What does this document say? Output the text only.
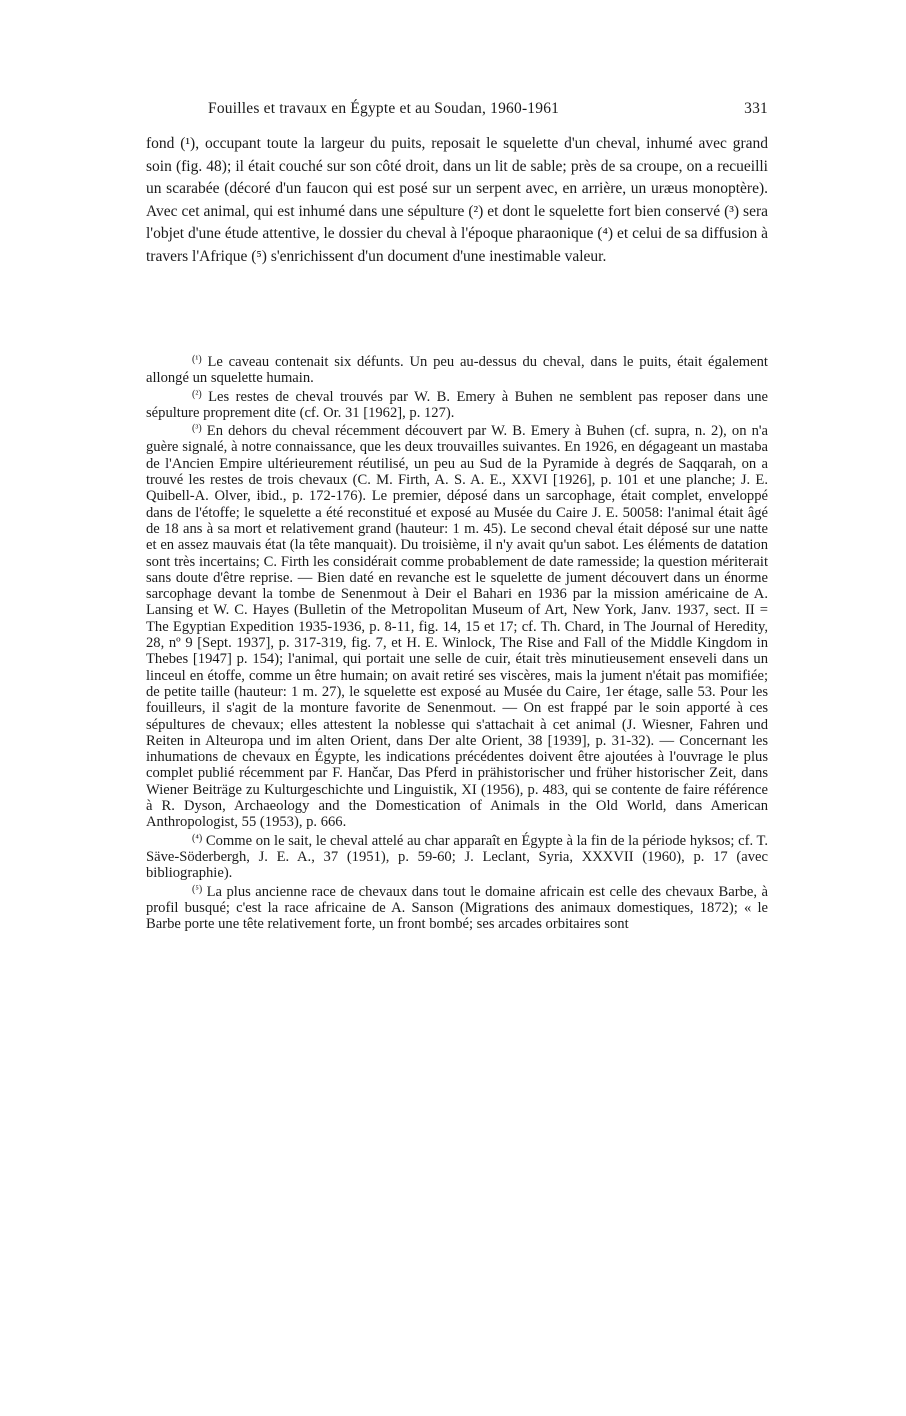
Fouilles et travaux en Égypte et au Soudan, 1960-1961	331

fond (¹), occupant toute la largeur du puits, reposait le squelette d'un cheval, inhumé avec grand soin (fig. 48); il était couché sur son côté droit, dans un lit de sable; près de sa croupe, on a recueilli un scarabée (décoré d'un faucon qui est posé sur un serpent avec, en arrière, un uræus monoptère). Avec cet animal, qui est inhumé dans une sépulture (²) et dont le squelette fort bien conservé (³) sera l'objet d'une étude attentive, le dossier du cheval à l'époque pharaonique (⁴) et celui de sa diffusion à travers l'Afrique (⁵) s'enrichissent d'un document d'une inestimable valeur.

$^{(^1)}$ Le caveau contenait six défunts. Un peu au-dessus du cheval, dans le puits, était également allongé un squelette humain.

$^{(^2)}$ Les restes de cheval trouvés par W. B. Emery à Buhen ne semblent pas reposer dans une sépulture proprement dite (cf. Or. 31 [1962], p. 127).

$^{(^3)}$ En dehors du cheval récemment découvert par W. B. Emery à Buhen (cf. supra, n. 2), on n'a guère signalé, à notre connaissance, que les deux trouvailles suivantes. En 1926, en dégageant un mastaba de l'Ancien Empire ultérieurement réutilisé, un peu au Sud de la Pyramide à degrés de Saqqarah, on a trouvé les restes de trois chevaux (C. M. Firth, A. S. A. E., XXVI [1926], p. 101 et une planche; J. E. Quibell-A. Olver, ibid., p. 172-176). Le premier, déposé dans un sarcophage, était complet, enveloppé dans de l'étoffe; le squelette a été reconstitué et exposé au Musée du Caire J. E. 50058: l'animal était âgé de 18 ans à sa mort et relativement grand (hauteur: 1 m. 45). Le second cheval était déposé sur une natte et en assez mauvais état (la tête manquait). Du troisième, il n'y avait qu'un sabot. Les éléments de datation sont très incertains; C. Firth les considérait comme probablement de date ramesside; la question mériterait sans doute d'être reprise. — Bien daté en revanche est le squelette de jument découvert dans un énorme sarcophage devant la tombe de Senenmout à Deir el Bahari en 1936 par la mission américaine de A. Lansing et W. C. Hayes (Bulletin of the Metropolitan Museum of Art, New York, Janv. 1937, sect. II = The Egyptian Expedition 1935-1936, p. 8-11, fig. 14, 15 et 17; cf. Th. Chard, in The Journal of Heredity, 28, nº 9 [Sept. 1937], p. 317-319, fig. 7, et H. E. Winlock, The Rise and Fall of the Middle Kingdom in Thebes [1947] p. 154); l'animal, qui portait une selle de cuir, était très minutieusement enseveli dans un linceul en étoffe, comme un être humain; on avait retiré ses viscères, mais la jument n'était pas momifiée; de petite taille (hauteur: 1 m. 27), le squelette est exposé au Musée du Caire, 1er étage, salle 53. Pour les fouilleurs, il s'agit de la monture favorite de Senenmout. — On est frappé par le soin apporté à ces sépultures de chevaux; elles attestent la noblesse qui s'attachait à cet animal (J. Wiesner, Fahren und Reiten in Alteuropa und im alten Orient, dans Der alte Orient, 38 [1939], p. 31-32). — Concernant les inhumations de chevaux en Égypte, les indications précédentes doivent être ajoutées à l'ouvrage le plus complet publié récemment par F. Hančar, Das Pferd in prähistorischer und früher historischer Zeit, dans Wiener Beiträge zu Kulturgeschichte und Linguistik, XI (1956), p. 483, qui se contente de faire référence à R. Dyson, Archaeology and the Domestication of Animals in the Old World, dans American Anthropologist, 55 (1953), p. 666.

$^{(^4)}$ Comme on le sait, le cheval attelé au char apparaît en Égypte à la fin de la période hyksos; cf. T. Säve-Söderbergh, J. E. A., 37 (1951), p. 59-60; J. Leclant, Syria, XXXVII (1960), p. 17 (avec bibliographie).

$^{(^5)}$ La plus ancienne race de chevaux dans tout le domaine africain est celle des chevaux Barbe, à profil busqué; c'est la race africaine de A. Sanson (Migrations des animaux domestiques, 1872); « le Barbe porte une tête relativement forte, un front bombé; ses arcades orbitaires sont
